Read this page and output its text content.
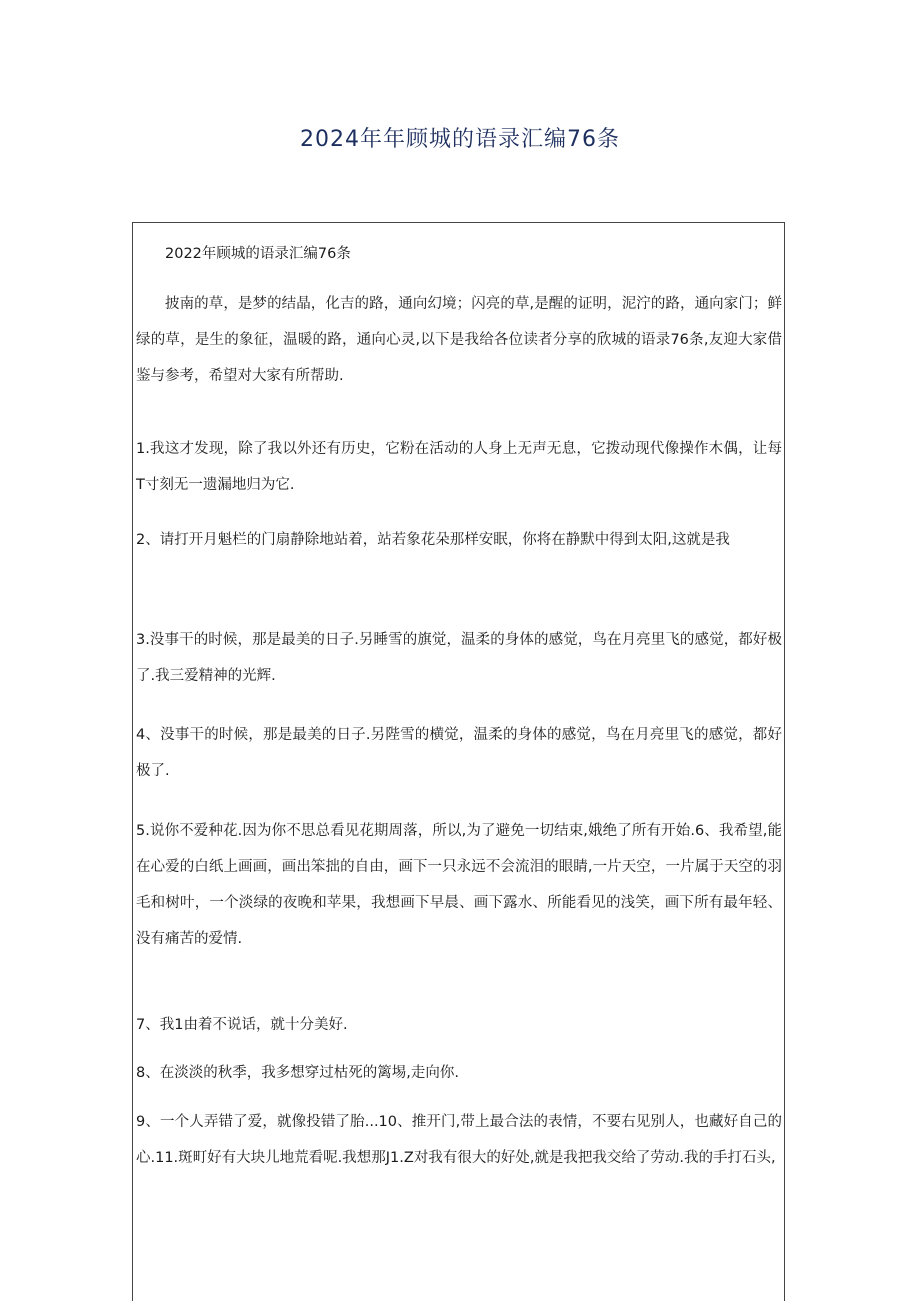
2024年年顾城的语录汇编76条

2022年顾城的语录汇编76条

披南的草，是梦的结晶，化吉的路，通向幻境；闪亮的草,是醒的证明，泥泞的路，通向家门；鲜绿的草，是生的象征，温暖的路，通向心灵,以下是我给各位读者分享的欣城的语录76条,友迎大家借鉴与参考，希望对大家有所帮助.

1.我这才发现，除了我以外还有历史，它粉在活动的人身上无声无息，它拨动现代像操作木偶，让每T寸刻无一遗漏地归为它.

2、请打开月魁栏的门扇静除地站着，站若象花朵那样安眠，你将在静默中得到太阳,这就是我

3.没事干的时候，那是最美的日子.另睡雪的旗觉，温柔的身体的感觉，鸟在月亮里飞的感觉，都好极了.我三爱精神的光辉.

4、没事干的时候，那是最美的日子.另陛雪的横觉，温柔的身体的感觉，鸟在月亮里飞的感觉，都好极了.

5.说你不爱种花.因为你不思总看见花期周落，所以,为了避免一切结束,娥绝了所有开始.6、我希望,能在心爱的白纸上画画，画出笨拙的自由，画下一只永远不会流泪的眼睛,一片天空，一片属于天空的羽毛和树叶，一个淡绿的夜晚和苹果，我想画下早晨、画下露水、所能看见的浅笑，画下所有最年轻、没有痛苦的爱情.

7、我1由着不说话，就十分美好.

8、在淡淡的秋季，我多想穿过枯死的篱埸,走向你.

9、一个人弄错了爱，就像投错了胎...10、推开门,带上最合法的表情，不要右见别人，也藏好自己的心.11.斑町好有大块儿地荒看呢.我想那J1.Z对我有很大的好处,就是我把我交给了劳动.我的手打石头,
